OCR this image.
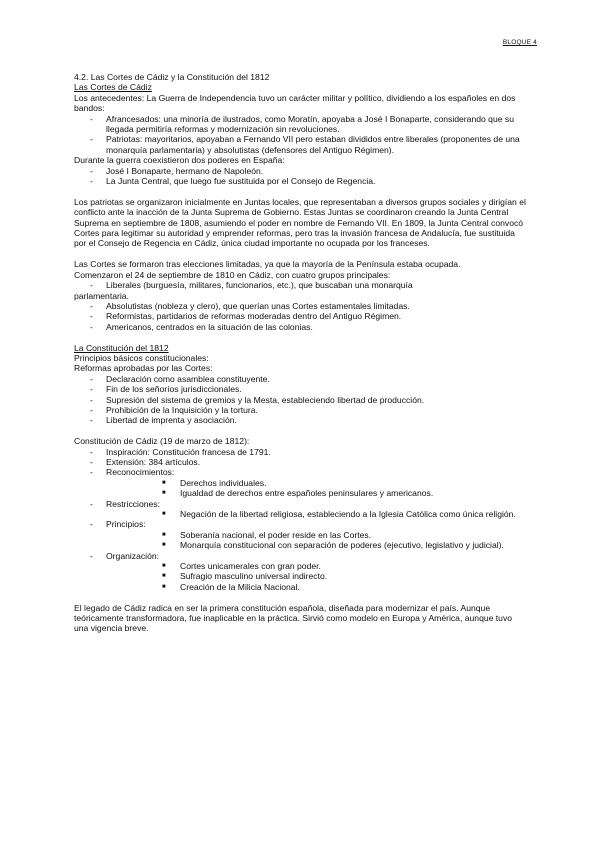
BLOQUE 4

4.2. Las Cortes de Cádiz y la Constitución del 1812

Las Cortes de Cádiz

Los antecedentes: La Guerra de Independencia tuvo un carácter militar y político, dividiendo a los españoles en dos bandos:

-	Afrancesados: una minoría de ilustrados, como Moratín, apoyaba a José I Bonaparte, considerando que su llegada permitiría reformas y modernización sin revoluciones.
-	Patriotas: mayoritarios, apoyaban a Fernando VII pero estaban divididos entre liberales (proponentes de una monarquía parlamentaria) y absolutistas (defensores del Antiguo Régimen).

Durante la guerra coexistieron dos poderes en España:

-	José I Bonaparte, hermano de Napoleón.
-	La Junta Central, que luego fue sustituida por el Consejo de Regencia.

Los patriotas se organizaron inicialmente en Juntas locales, que representaban a diversos grupos sociales y dirigían el conflicto ante la inacción de la Junta Suprema de Gobierno. Estas Juntas se coordinaron creando la Junta Central Suprema en septiembre de 1808, asumiendo el poder en nombre de Fernando VII. En 1809, la Junta Central convocó Cortes para legitimar su autoridad y emprender reformas, pero tras la invasión francesa de Andalucía, fue sustituida por el Consejo de Regencia en Cádiz, única ciudad importante no ocupada por los franceses.

Las Cortes se formaron tras elecciones limitadas, ya que la mayoría de la Península estaba ocupada.

Comenzaron el 24 de septiembre de 1810 en Cádiz, con cuatro grupos principales:

-	Liberales (burguesía, militares, funcionarios, etc.), que buscaban una monarquía

parlamentaria.

-	Absolutistas (nobleza y clero), que querían unas Cortes estamentales limitadas.
-	Reformistas, partidarios de reformas moderadas dentro del Antiguo Régimen.
-	Americanos, centrados en la situación de las colonias.

La Constitución del 1812

Principios básicos constitucionales:

Reformas aprobadas por las Cortes:

-	Declaración como asamblea constituyente.
-	Fin de los señoríos jurisdiccionales.
-	Supresión del sistema de gremios y la Mesta, estableciendo libertad de producción.
-	Prohibición de la Inquisición y la tortura.
-	Libertad de imprenta y asociación.

Constitución de Cádiz (19 de marzo de 1812):

-	Inspiración: Constitución francesa de 1791.
-	Extensión: 384 artículos.
-	Reconocimientos:
■	Derechos individuales.
■	Igualdad de derechos entre españoles peninsulares y americanos.
-	Restricciones:
■	Negación de la libertad religiosa, estableciendo a la Iglesia Católica como única religión.
-	Principios:
■	Soberanía nacional, el poder reside en las Cortes.
■	Monarquía constitucional con separación de poderes (ejecutivo, legislativo y judicial).
-	Organización:
■	Cortes unicamerales con gran poder.
■	Sufragio masculino universal indirecto.
■	Creación de la Milicia Nacional.

El legado de Cádiz radica en ser la primera constitución española, diseñada para modernizar el país. Aunque teóricamente transformadora, fue inaplicable en la práctica. Sirvió como modelo en Europa y América, aunque tuvo una vigencia breve.
